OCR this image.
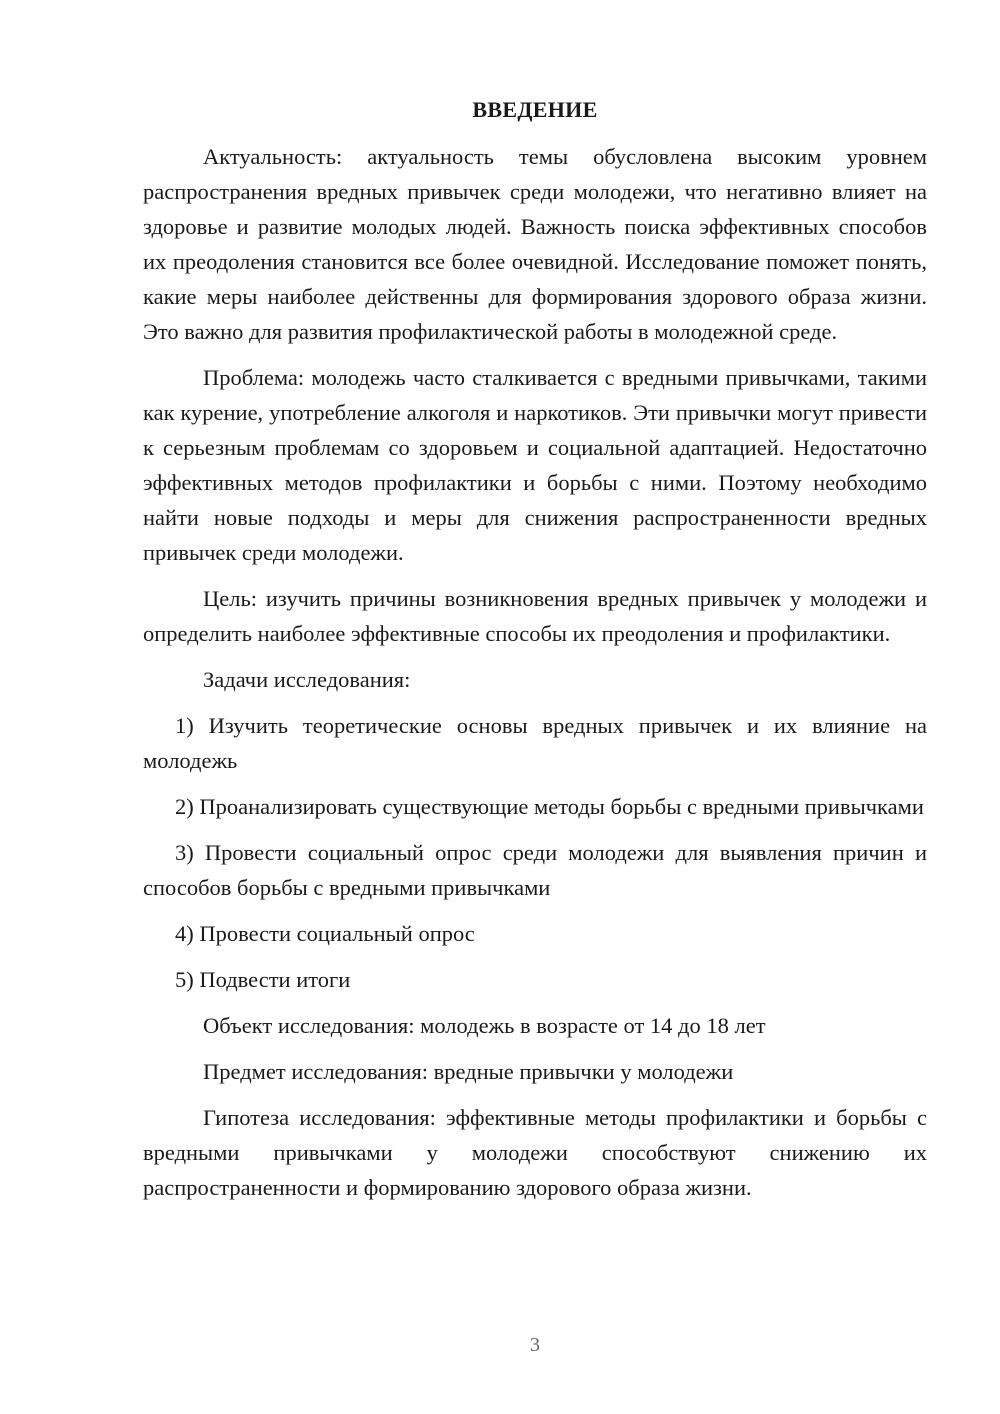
ВВЕДЕНИЕ

Актуальность: актуальность темы обусловлена высоким уровнем распространения вредных привычек среди молодежи, что негативно влияет на здоровье и развитие молодых людей. Важность поиска эффективных способов их преодоления становится все более очевидной. Исследование поможет понять, какие меры наиболее действенны для формирования здорового образа жизни. Это важно для развития профилактической работы в молодежной среде.

Проблема: молодежь часто сталкивается с вредными привычками, такими как курение, употребление алкоголя и наркотиков. Эти привычки могут привести к серьезным проблемам со здоровьем и социальной адаптацией. Недостаточно эффективных методов профилактики и борьбы с ними. Поэтому необходимо найти новые подходы и меры для снижения распространенности вредных привычек среди молодежи.

Цель: изучить причины возникновения вредных привычек у молодежи и определить наиболее эффективные способы их преодоления и профилактики.

Задачи исследования:

1) Изучить теоретические основы вредных привычек и их влияние на молодежь

2) Проанализировать существующие методы борьбы с вредными привычками

3) Провести социальный опрос среди молодежи для выявления причин и способов борьбы с вредными привычками

4) Провести социальный опрос

5) Подвести итоги

Объект исследования: молодежь в возрасте от 14 до 18 лет

Предмет исследования: вредные привычки у молодежи

Гипотеза исследования: эффективные методы профилактики и борьбы с вредными привычками у молодежи способствуют снижению их распространенности и формированию здорового образа жизни.

3
